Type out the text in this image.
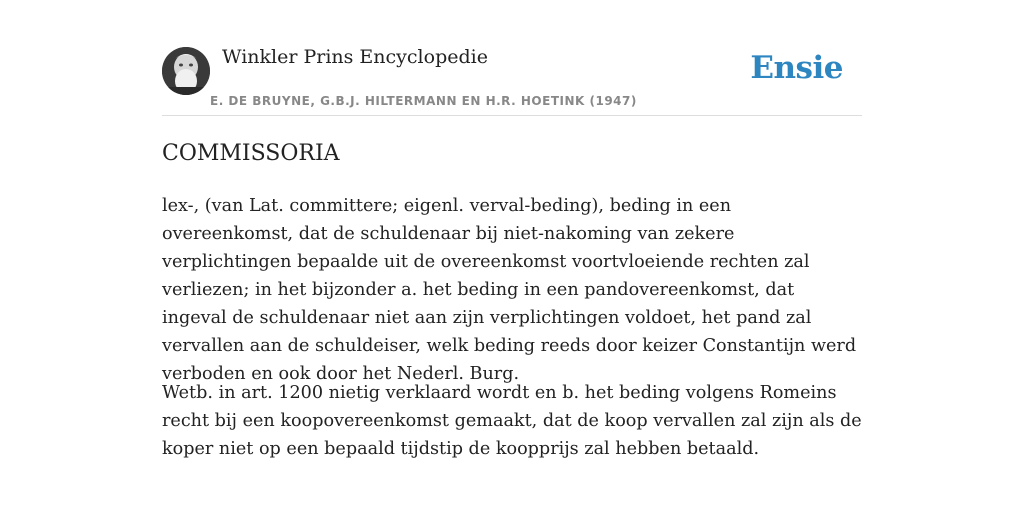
Winkler Prins Encyclopedie
E. DE BRUYNE, G.B.J. HILTERMANN EN H.R. HOETINK (1947)
Ensie
COMMISSORIA

lex-, (van Lat. committere; eigenl. verval-beding), beding in een overeenkomst, dat de schuldenaar bij niet-nakoming van zekere verplichtingen bepaalde uit de overeenkomst voortvloeiende rechten zal verliezen; in het bijzonder a. het beding in een pandovereenkomst, dat ingeval de schuldenaar niet aan zijn verplichtingen voldoet, het pand zal vervallen aan de schuldeiser, welk beding reeds door keizer Constantijn werd verboden en ook door het Nederl. Burg.

Wetb. in art. 1200 nietig verklaard wordt en b. het beding volgens Romeins recht bij een koopovereenkomst gemaakt, dat de koop vervallen zal zijn als de koper niet op een bepaald tijdstip de koopprijs zal hebben betaald.
